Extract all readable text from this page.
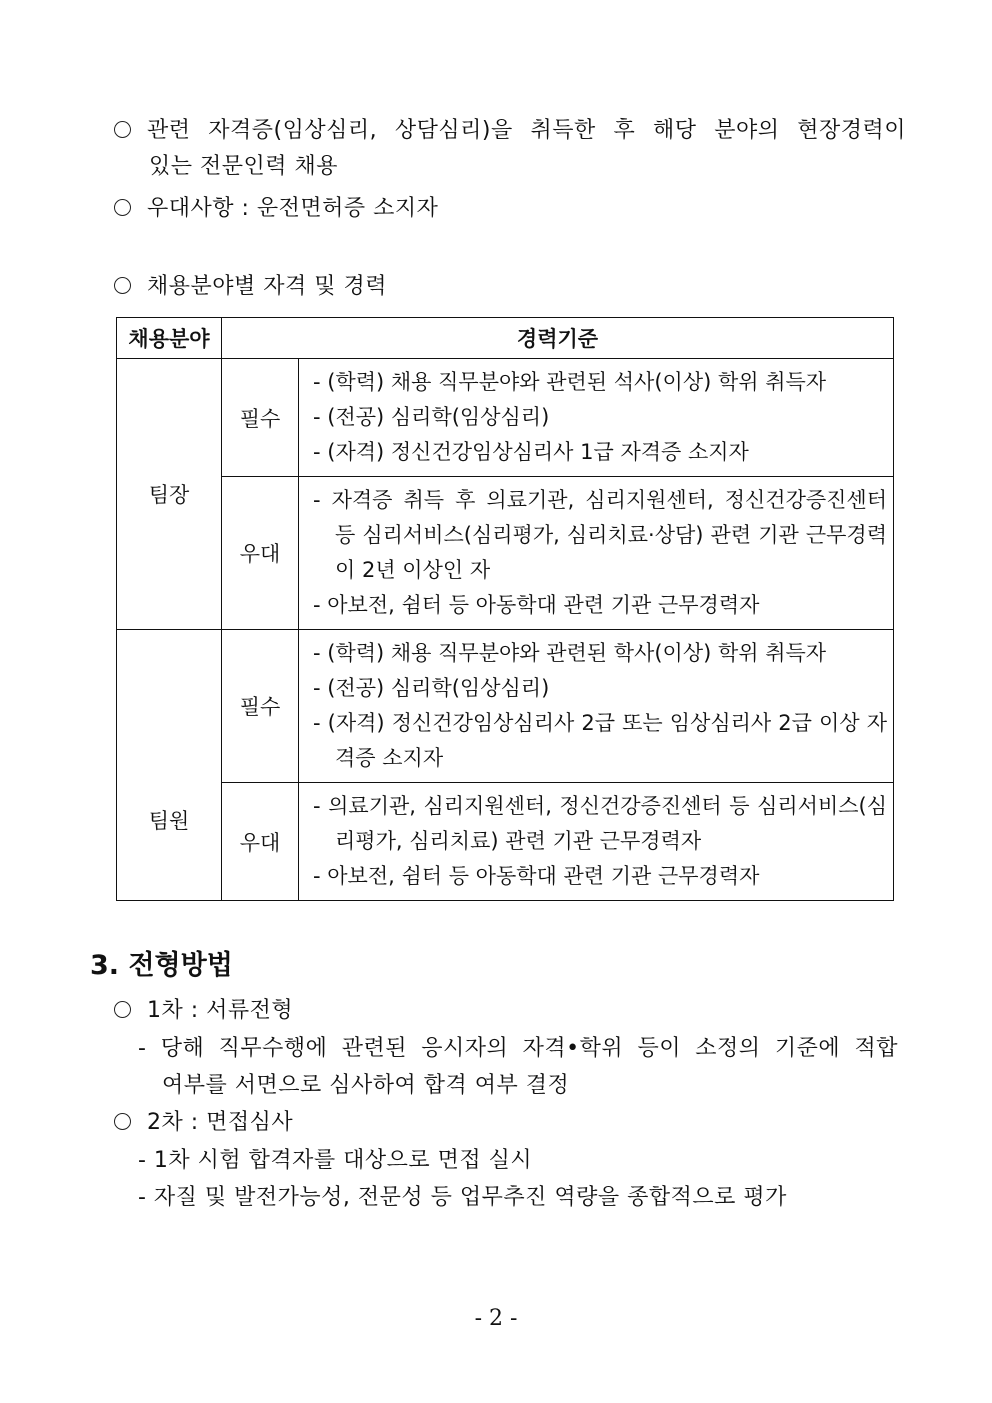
관련 자격증(임상심리, 상담심리)을 취득한 후 해당 분야의 현장경력이
있는 전문인력 채용
우대사항 : 운전면허증 소지자
채용분야별 자격 및 경력
채용분야	경력기준	
팀장	필수	- (학력) 채용 직무분야와 관련된 석사(이상) 학위 취득자
- (전공) 심리학(임상심리)
- (자격) 정신건강임상심리사 1급 자격증 소지자

	우대	- 자격증 취득 후 의료기관, 심리지원센터, 정신건강증진센터 등 심리서비스(심리평가, 심리치료·상담) 관련 기관 근무경력이 2년 이상인 자
- 아보전, 쉼터 등 아동학대 관련 기관 근무경력자

팀원	필수	- (학력) 채용 직무분야와 관련된 학사(이상) 학위 취득자
- (전공) 심리학(임상심리)
- (자격) 정신건강임상심리사 2급 또는 임상심리사 2급 이상 자격증 소지자

	우대	- 의료기관, 심리지원센터, 정신건강증진센터 등 심리서비스(심리평가, 심리치료) 관련 기관 근무경력자
- 아보전, 쉼터 등 아동학대 관련 기관 근무경력자
3. 전형방법
1차 : 서류전형
- 당해 직무수행에 관련된 응시자의 자격•학위 등이 소정의 기준에 적합
여부를 서면으로 심사하여 합격 여부 결정
2차 : 면접심사
- 1차 시험 합격자를 대상으로 면접 실시
- 자질 및 발전가능성, 전문성 등 업무추진 역량을 종합적으로 평가
- 2 -
